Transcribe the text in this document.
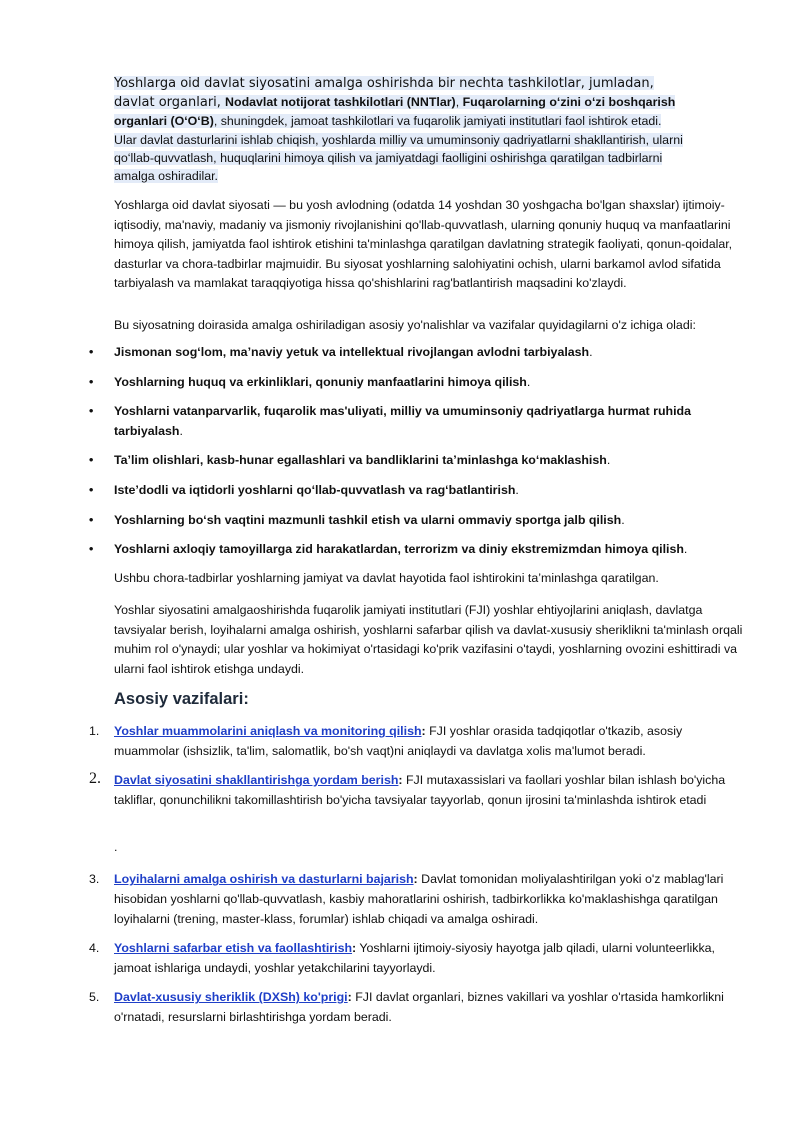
Yoshlarga oid davlat siyosatini amalga oshirishda bir nechta tashkilotlar, jumladan, davlat organlari, Nodavlat notijorat tashkilotlari (NNTlar), Fuqarolarning o‘zini o‘zi boshqarish organlari (O‘O‘B), shuningdek, jamoat tashkilotlari va fuqarolik jamiyati institutlari faol ishtirok etadi. Ular davlat dasturlarini ishlab chiqish, yoshlarda milliy va umuminsoniy qadriyatlarni shakllantirish, ularni qo‘llab-quvvatlash, huquqlarini himoya qilish va jamiyatdagi faolligini oshirishga qaratilgan tadbirlarni amalga oshiradilar.
Yoshlarga oid davlat siyosati — bu yosh avlodning (odatda 14 yoshdan 30 yoshgacha bo'lgan shaxslar) ijtimoiy-iqtisodiy, ma'naviy, madaniy va jismoniy rivojlanishini qo'llab-quvvatlash, ularning qonuniy huquq va manfaatlarini himoya qilish, jamiyatda faol ishtirok etishini ta'minlashga qaratilgan davlatning strategik faoliyati, qonun-qoidalar, dasturlar va chora-tadbirlar majmuidir. Bu siyosat yoshlarning salohiyatini ochish, ularni barkamol avlod sifatida tarbiyalash va mamlakat taraqqiyotiga hissa qo'shishlarini rag'batlantirish maqsadini ko'zlaydi.
Bu siyosatning doirasida amalga oshiriladigan asosiy yo'nalishlar va vazifalar quyidagilarni o'z ichiga oladi:
• Jismonan sog‘lom, ma’naviy yetuk va intellektual rivojlangan avlodni tarbiyalash.
• Yoshlarning huquq va erkinliklari, qonuniy manfaatlarini himoya qilish.
• Yoshlarni vatanparvarlik, fuqarolik mas'uliyati, milliy va umuminsoniy qadriyatlarga hurmat ruhida tarbiyalash.
• Ta’lim olishlari, kasb-hunar egallashlari va bandliklarini ta’minlashga ko‘maklashish.
• Iste’dodli va iqtidorli yoshlarni qo‘llab-quvvatlash va rag‘batlantirish.
• Yoshlarning bo‘sh vaqtini mazmunli tashkil etish va ularni ommaviy sportga jalb qilish.
• Yoshlarni axloqiy tamoyillarga zid harakatlardan, terrorizm va diniy ekstremizmdan himoya qilish.
Ushbu chora-tadbirlar yoshlarning jamiyat va davlat hayotida faol ishtirokini ta’minlashga qaratilgan.
Yoshlar siyosatini amalgaoshirishda fuqarolik jamiyati institutlari (FJI) yoshlar ehtiyojlarini aniqlash, davlatga tavsiyalar berish, loyihalarni amalga oshirish, yoshlarni safarbar qilish va davlat-xususiy sheriklikni ta'minlash orqali muhim rol o'ynaydi; ular yoshlar va hokimiyat o'rtasidagi ko'prik vazifasini o'taydi, yoshlarning ovozini eshittiradi va ularni faol ishtirok etishga undaydi.
Asosiy vazifalari:
1. Yoshlar muammolarini aniqlash va monitoring qilish: FJI yoshlar orasida tadqiqotlar o'tkazib, asosiy muammolar (ishsizlik, ta'lim, salomatlik, bo'sh vaqt)ni aniqlaydi va davlatga xolis ma'lumot beradi.
2. Davlat siyosatini shakllantirishga yordam berish: FJI mutaxassislari va faollari yoshlar bilan ishlash bo'yicha takliflar, qonunchilikni takomillashtirish bo'yicha tavsiyalar tayyorlab, qonun ijrosini ta'minlashda ishtirok etadi
3. Loyihalarni amalga oshirish va dasturlarni bajarish: Davlat tomonidan moliyalashtirilgan yoki o'z mablag'lari hisobidan yoshlarni qo'llab-quvvatlash, kasbiy mahoratlarini oshirish, tadbirkorlikka ko'maklashishga qaratilgan loyihalarni (trening, master-klass, forumlar) ishlab chiqadi va amalga oshiradi.
4. Yoshlarni safarbar etish va faollashtirish: Yoshlarni ijtimoiy-siyosiy hayotga jalb qiladi, ularni volunteerlikka, jamoat ishlariga undaydi, yoshlar yetakchilarini tayyorlaydi.
5. Davlat-xususiy sheriklik (DXSh) ko'prigi: FJI davlat organlari, biznes vakillari va yoshlar o'rtasida hamkorlikni o'rnatadi, resurslarni birlashtirishga yordam beradi.
.
